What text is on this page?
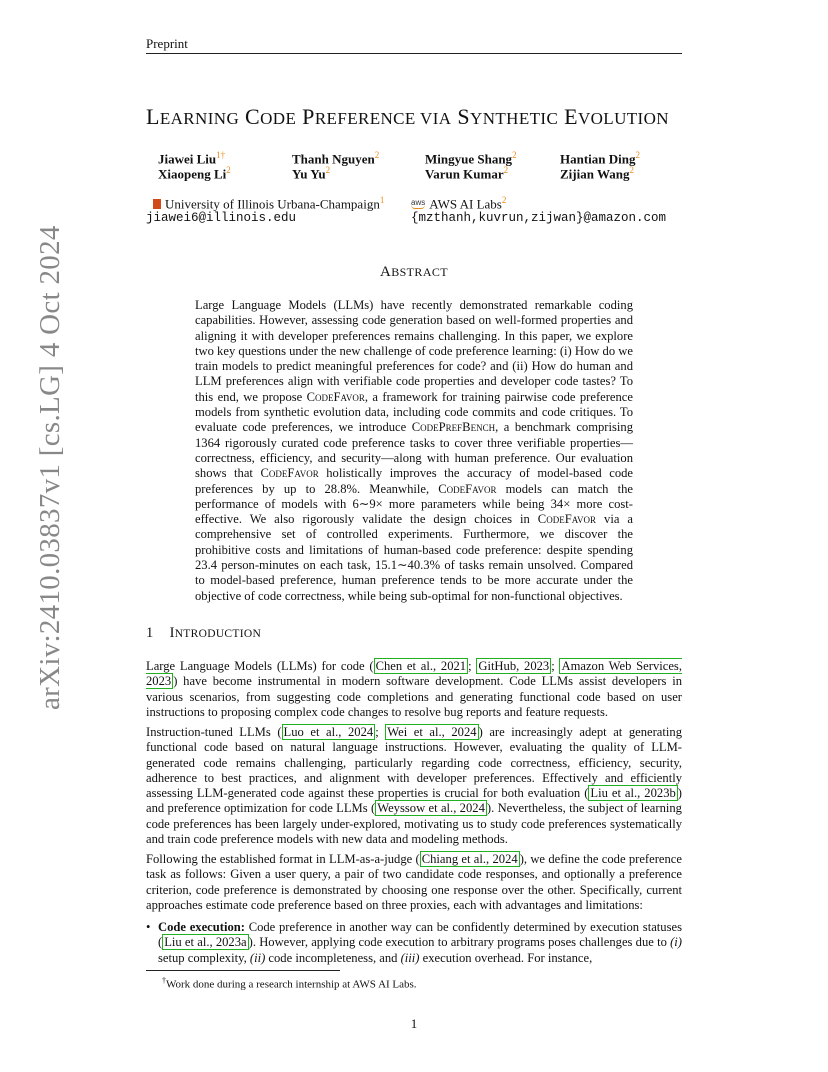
Preprint
arXiv:2410.03837v1 [cs.LG] 4 Oct 2024
LEARNING CODE PREFERENCE VIA SYNTHETIC EVOLUTION
Jiawei Liu$^{1\dagger}$	Thanh Nguyen$^2$	Mingyue Shang$^2$	Hantian Ding$^2$
Xiaopeng Li$^2$	Yu Yu$^2$	Varun Kumar$^2$	Zijian Wang$^2$
University of Illinois Urbana-Champaign$^1$
jiawei6@illinois.edu
aws AWS AI Labs$^2$
{mzthanh,kuvrun,zijwan}@amazon.com
ABSTRACT
Large Language Models (LLMs) have recently demonstrated remarkable coding capabilities. However, assessing code generation based on well-formed properties and aligning it with developer preferences remains challenging. In this paper, we explore two key questions under the new challenge of code preference learning: (i) How do we train models to predict meaningful preferences for code? and (ii) How do human and LLM preferences align with verifiable code properties and developer code tastes? To this end, we propose CodeFavor, a framework for training pairwise code preference models from synthetic evolution data, including code commits and code critiques. To evaluate code preferences, we introduce CodePrefBench, a benchmark comprising 1364 rigorously curated code preference tasks to cover three verifiable properties—correctness, efficiency, and security—along with human preference. Our evaluation shows that CodeFavor holistically improves the accuracy of model-based code preferences by up to 28.8%. Meanwhile, CodeFavor models can match the performance of models with 6∼9× more parameters while being 34× more cost-effective. We also rigorously validate the design choices in CodeFavor via a comprehensive set of controlled experiments. Furthermore, we discover the prohibitive costs and limitations of human-based code preference: despite spending 23.4 person-minutes on each task, 15.1∼40.3% of tasks remain unsolved. Compared to model-based preference, human preference tends to be more accurate under the objective of code correctness, while being sub-optimal for non-functional objectives.
1 INTRODUCTION
Large Language Models (LLMs) for code ( Chen et al., 2021 ; GitHub, 2023 ; Amazon Web Services, 2023 ) have become instrumental in modern software development. Code LLMs assist developers in various scenarios, from suggesting code completions and generating functional code based on user instructions to proposing complex code changes to resolve bug reports and feature requests.
Instruction-tuned LLMs ( Luo et al., 2024 ; Wei et al., 2024 ) are increasingly adept at generating functional code based on natural language instructions. However, evaluating the quality of LLM-generated code remains challenging, particularly regarding code correctness, efficiency, security, adherence to best practices, and alignment with developer preferences. Effectively and efficiently assessing LLM-generated code against these properties is crucial for both evaluation ( Liu et al., 2023b ) and preference optimization for code LLMs ( Weyssow et al., 2024 ). Nevertheless, the subject of learning code preferences has been largely under-explored, motivating us to study code preferences systematically and train code preference models with new data and modeling methods.
Following the established format in LLM-as-a-judge ( Chiang et al., 2024 ), we define the code preference task as follows: Given a user query, a pair of two candidate code responses, and optionally a preference criterion, code preference is demonstrated by choosing one response over the other. Specifically, current approaches estimate code preference based on three proxies, each with advantages and limitations:
• Code execution: Code preference in another way can be confidently determined by execution statuses ( Liu et al., 2023a ). However, applying code execution to arbitrary programs poses challenges due to (i) setup complexity, (ii) code incompleteness, and (iii) execution overhead. For instance,
†Work done during a research internship at AWS AI Labs.
1
